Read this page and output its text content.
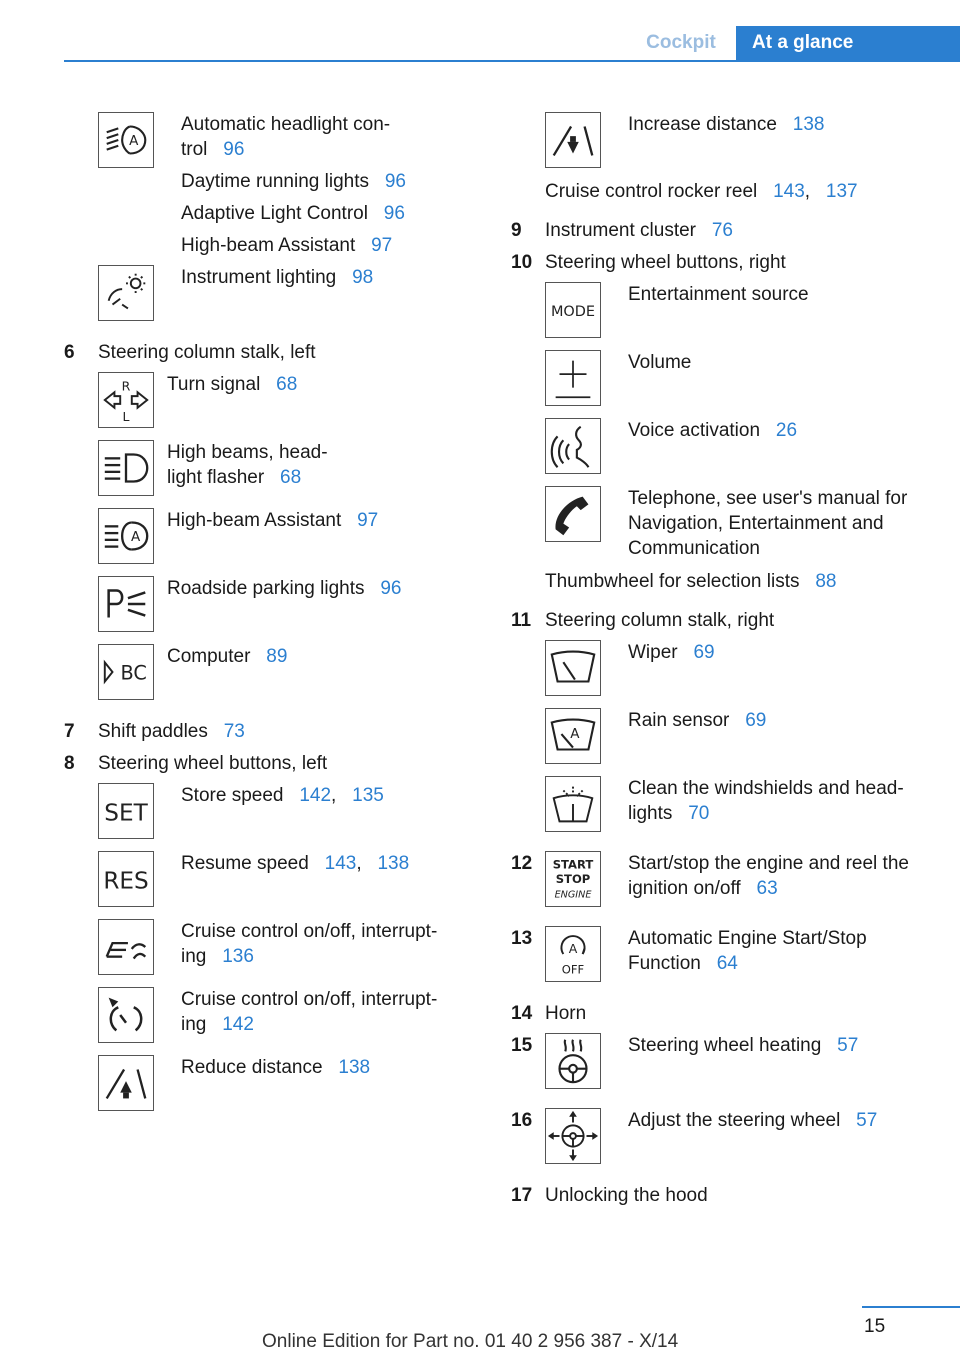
Cockpit	At a glance
A
Automatic headlight con-
trol 96
Daytime running lights 96
Adaptive Light Control 96
High-beam Assistant 97
Instrument lighting 98
6 Steering column stalk, left
R
L
Turn signal 68
High beams, head-
light flasher 68
A
High-beam Assistant 97
Roadside parking lights 96
BC
Computer 89
7 Shift paddles 73
8 Steering wheel buttons, left
SET
Store speed 142,   135
RES
Resume speed 143,   138
Cruise control on/off, interrupt-
ing 136
Cruise control on/off, interrupt-
ing 142
Reduce distance 138
Increase distance 138
Cruise control rocker reel 143,   137
9 Instrument cluster 76
10 Steering wheel buttons, right
MODE
Entertainment source
Volume
Voice activation 26
Telephone, see user's manual for
Navigation, Entertainment and
Communication
Thumbwheel for selection lists 88
11 Steering column stalk, right
Wiper 69
A
Rain sensor 69
Clean the windshields and head-
lights 70
12 START
STOP
ENGINE
Start/stop the engine and reel the
ignition on/off 63
13	A
OFF
Automatic Engine Start/Stop
Function 64
14 Horn
15	Steering wheel heating 57
16	Adjust the steering wheel 57
17 Unlocking the hood
15
Online Edition for Part no. 01 40 2 956 387 - X/14
